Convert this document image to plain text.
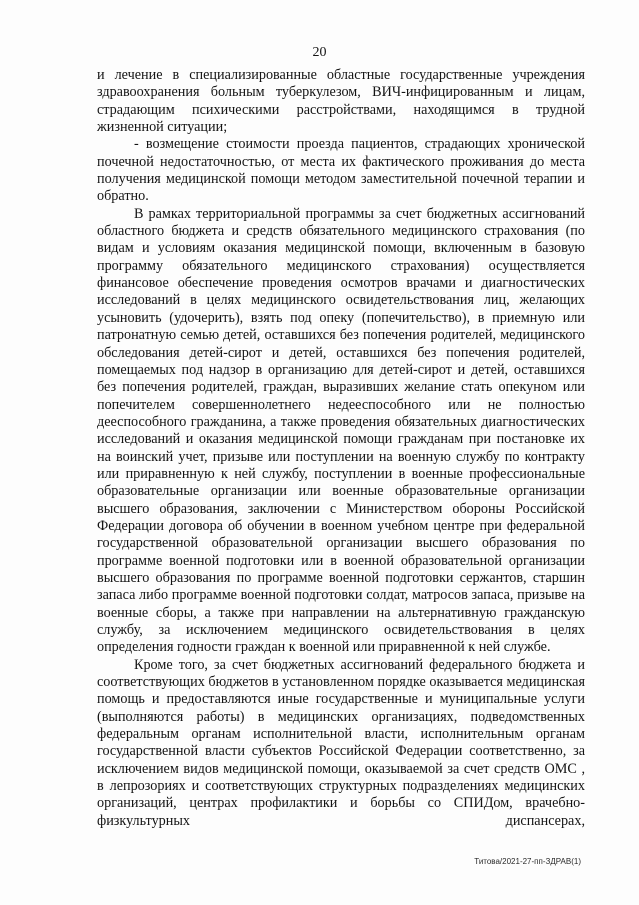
20

и лечение в специализированные областные государственные учреждения здравоохранения больным туберкулезом, ВИЧ-инфицированным и лицам, страдающим психическими расстройствами, находящимся в трудной жизненной ситуации;

- возмещение стоимости проезда пациентов, страдающих хронической почечной недостаточностью, от места их фактического проживания до места получения медицинской помощи методом заместительной почечной терапии и обратно.

В рамках территориальной программы за счет бюджетных ассигнований областного бюджета и средств обязательного медицинского страхования (по видам и условиям оказания медицинской помощи, включенным в базовую программу обязательного медицинского страхования) осуществляется финансовое обеспечение проведения осмотров врачами и диагностических исследований в целях медицинского освидетельствования лиц, желающих усыновить (удочерить), взять под опеку (попечительство), в приемную или патронатную семью детей, оставшихся без попечения родителей, медицинского обследования детей-сирот и детей, оставшихся без попечения родителей, помещаемых под надзор в организацию для детей-сирот и детей, оставшихся без попечения родителей, граждан, выразивших желание стать опекуном или попечителем совершеннолетнего недееспособного или не полностью дееспособного гражданина, а также проведения обязательных диагностических исследований и оказания медицинской помощи гражданам при постановке их на воинский учет, призыве или поступлении на военную службу по контракту или приравненную к ней службу, поступлении в военные профессиональные образовательные организации или военные образовательные организации высшего образования, заключении с Министерством обороны Российской Федерации договора об обучении в военном учебном центре при федеральной государственной образовательной организации высшего образования по программе военной подготовки или в военной образовательной организации высшего образования по программе военной подготовки сержантов, старшин запаса либо программе военной подготовки солдат, матросов запаса, призыве на военные сборы, а также при направлении на альтернативную гражданскую службу, за исключением медицинского освидетельствования в целях определения годности граждан к военной или приравненной к ней службе.

Кроме того, за счет бюджетных ассигнований федерального бюджета и соответствующих бюджетов в установленном порядке оказывается медицинская помощь и предоставляются иные государственные и муниципальные услуги (выполняются работы) в медицинских организациях, подведомственных федеральным органам исполнительной власти, исполнительным органам государственной власти субъектов Российской Федерации соответственно, за исключением видов медицинской помощи, оказываемой за счет средств ОМС , в лепрозориях и соответствующих структурных подразделениях медицинских организаций, центрах профилактики и борьбы со СПИДом, врачебно-физкультурных диспансерах,

Титова/2021-27-пп-ЗДРАВ(1)
